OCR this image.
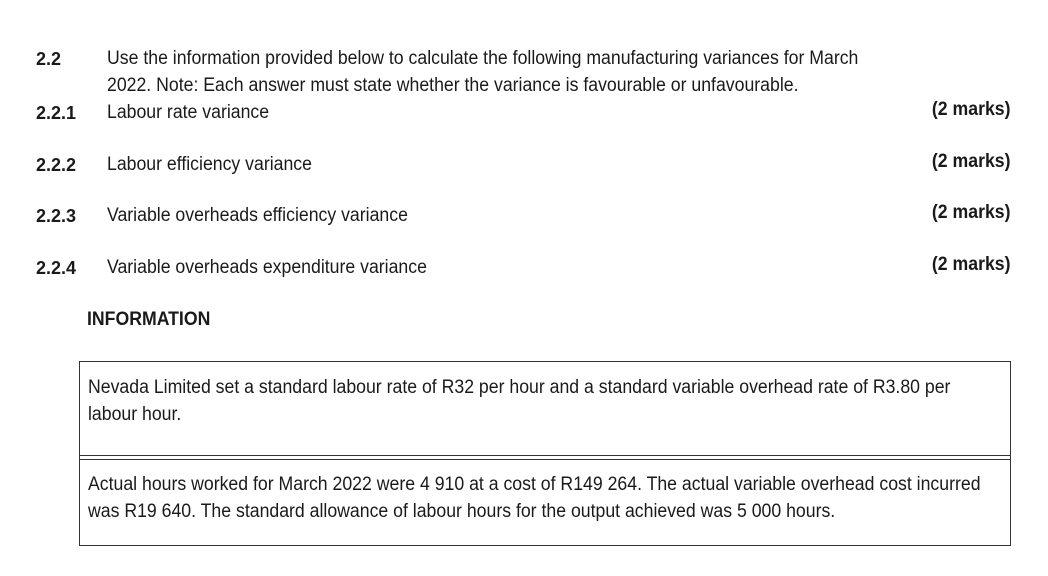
2.2 Use the information provided below to calculate the following manufacturing variances for March
2022. Note: Each answer must state whether the variance is favourable or unfavourable.
2.2.1 Labour rate variance	(2 marks)
2.2.2 Labour efficiency variance	(2 marks)
2.2.3 Variable overheads efficiency variance	(2 marks)
2.2.4 Variable overheads expenditure variance	(2 marks)
INFORMATION
Nevada Limited set a standard labour rate of R32 per hour and a standard variable overhead rate of R3.80 per labour hour.
Actual hours worked for March 2022 were 4 910 at a cost of R149 264. The actual variable overhead cost incurred was R19 640. The standard allowance of labour hours for the output achieved was 5 000 hours.
